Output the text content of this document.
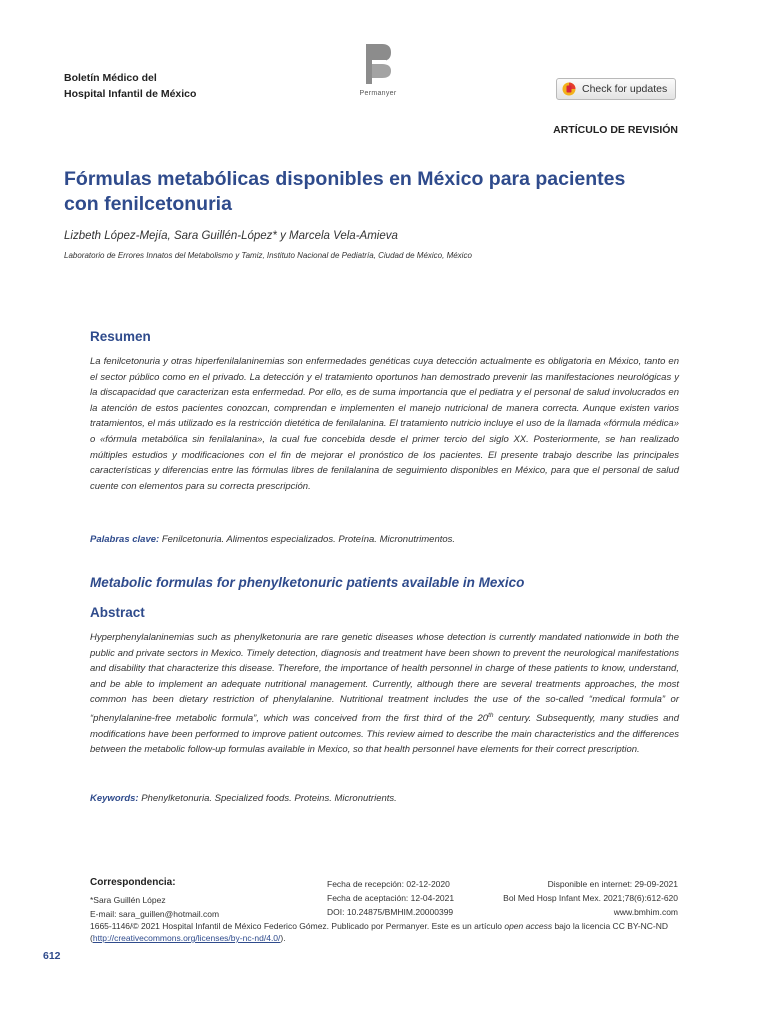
Boletín Médico del
Hospital Infantil de México	Permanyer	Check for updates
ARTÍCULO DE REVISIÓN
Fórmulas metabólicas disponibles en México para pacientes
con fenilcetonuria
Lizbeth López-Mejía, Sara Guillén-López* y Marcela Vela-Amieva
Laboratorio de Errores Innatos del Metabolismo y Tamiz, Instituto Nacional de Pediatría, Ciudad de México, México
Resumen
La fenilcetonuria y otras hiperfenilalaninemias son enfermedades genéticas cuya detección actualmente es obligatoria en México, tanto en el sector público como en el privado. La detección y el tratamiento oportunos han demostrado prevenir las manifestaciones neurológicas y la discapacidad que caracterizan esta enfermedad. Por ello, es de suma importancia que el pediatra y el personal de salud involucrados en la atención de estos pacientes conozcan, comprendan e implementen el manejo nutricional de manera correcta. Aunque existen varios tratamientos, el más utilizado es la restricción dietética de fenilalanina. El tratamiento nutricio incluye el uso de la llamada «fórmula médica» o «fórmula metabólica sin fenilalanina», la cual fue concebida desde el primer tercio del siglo XX. Posteriormente, se han realizado múltiples estudios y modificaciones con el fin de mejorar el pronóstico de los pacientes. El presente trabajo describe las principales características y diferencias entre las fórmulas libres de fenilalanina de seguimiento disponibles en México, para que el personal de salud cuente con elementos para su correcta prescripción.
Palabras clave: Fenilcetonuria. Alimentos especializados. Proteína. Micronutrimentos.
Metabolic formulas for phenylketonuric patients available in Mexico
Abstract
Hyperphenylalaninemias such as phenylketonuria are rare genetic diseases whose detection is currently mandated nationwide in both the public and private sectors in Mexico. Timely detection, diagnosis and treatment have been shown to prevent the neurological manifestations and disability that characterize this disease. Therefore, the importance of health personnel in charge of these patients to know, understand, and be able to implement an adequate nutritional management. Currently, although there are several treatments approaches, the most common has been dietary restriction of phenylalanine. Nutritional treatment includes the use of the so-called “medical formula” or “phenylalanine-free metabolic formula”, which was conceived from the first third of the 20th century. Subsequently, many studies and modifications have been performed to improve patient outcomes. This review aimed to describe the main characteristics and the differences between the metabolic follow-up formulas available in Mexico, so that health personnel have elements for their correct prescription.
Keywords: Phenylketonuria. Specialized foods. Proteins. Micronutrients.
Correspondencia:
*Sara Guillén López
E-mail: sara_guillen@hotmail.com
Fecha de recepción: 02-12-2020
Fecha de aceptación: 12-04-2021
DOI: 10.24875/BMHIM.20000399
Disponible en internet: 29-09-2021
Bol Med Hosp Infant Mex. 2021;78(6):612-620
www.bmhim.com
1665-1146/© 2021 Hospital Infantil de México Federico Gómez. Publicado por Permanyer. Este es un artículo open access bajo la licencia CC BY-NC-ND
(http://creativecommons.org/licenses/by-nc-nd/4.0/).
612
